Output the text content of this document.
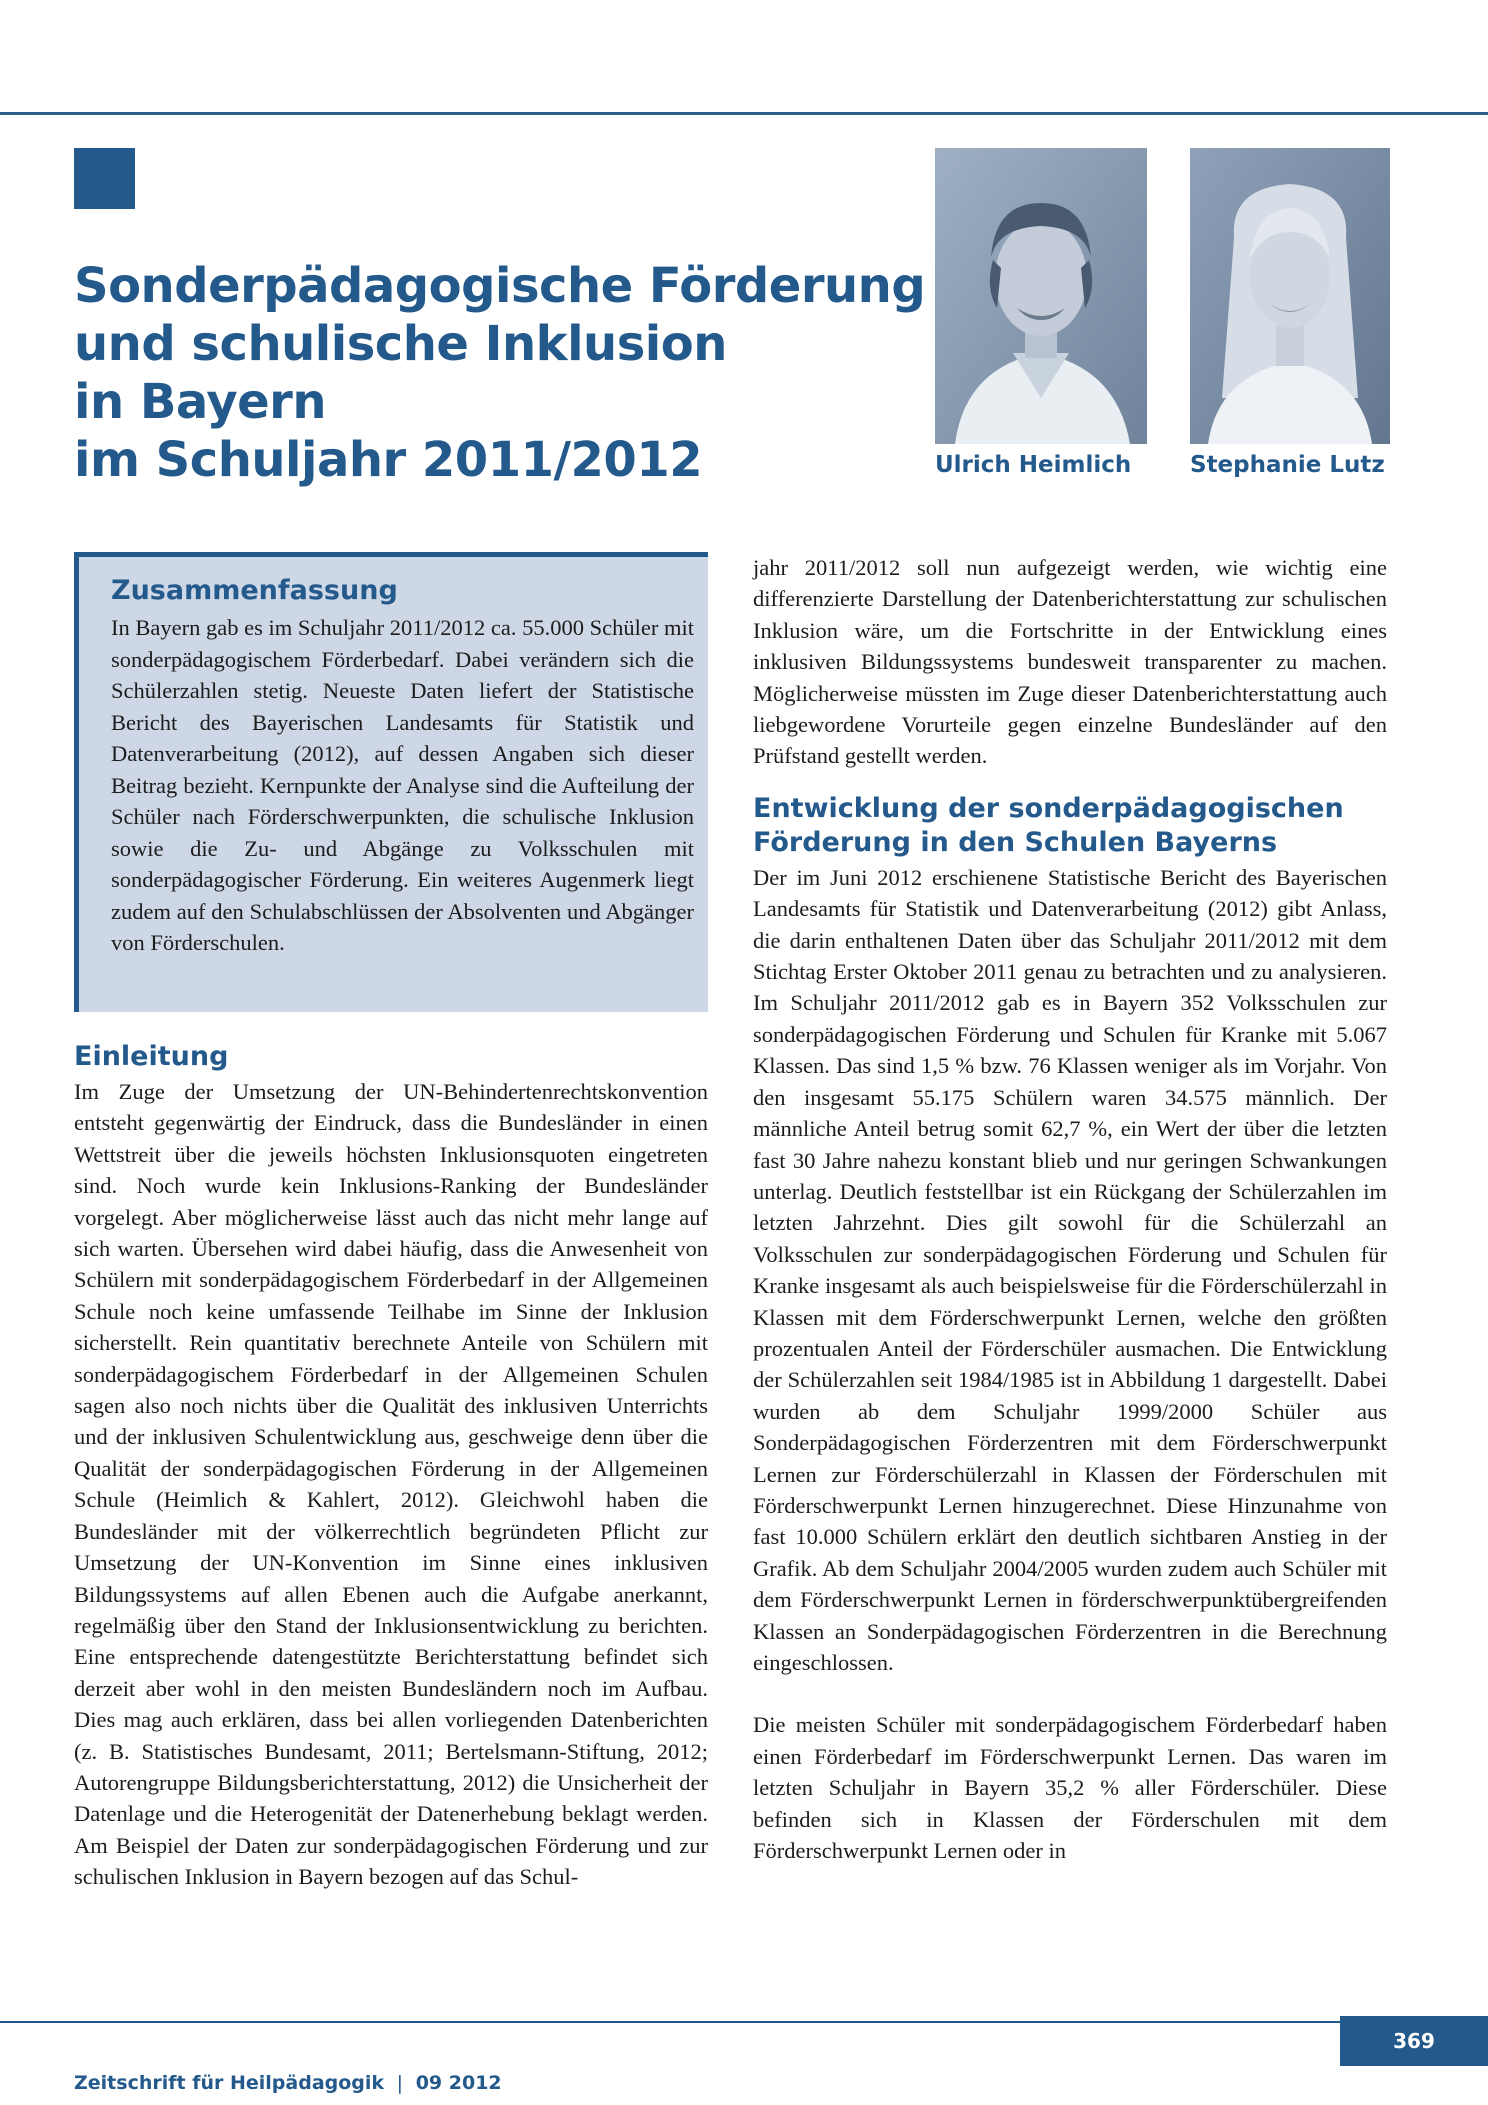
Sonderpädagogische Förderung
und schulische Inklusion
in Bayern
im Schuljahr 2011/2012	Ulrich Heimlich	Stephanie Lutz
Zusammenfassung

In Bayern gab es im Schuljahr 2011/2012 ca. 55.000 Schüler mit sonderpädagogischem Förderbedarf. Dabei verändern sich die Schülerzahlen stetig. Neueste Daten liefert der Statistische Bericht des Bayerischen Landesamts für Statistik und Datenverarbeitung (2012), auf dessen Angaben sich dieser Beitrag bezieht. Kernpunkte der Analyse sind die Aufteilung der Schüler nach Förderschwerpunkten, die schulische Inklusion sowie die Zu- und Abgänge zu Volksschulen mit sonderpädagogischer Förderung. Ein weiteres Augenmerk liegt zudem auf den Schulabschlüssen der Absolventen und Abgänger von Förderschulen.

Einleitung

Im Zuge der Umsetzung der UN-Behindertenrechtskonvention entsteht gegenwärtig der Eindruck, dass die Bundesländer in einen Wettstreit über die jeweils höchsten Inklusionsquoten eingetreten sind. Noch wurde kein Inklusions-Ranking der Bundesländer vorgelegt. Aber möglicherweise lässt auch das nicht mehr lange auf sich warten. Übersehen wird dabei häufig, dass die Anwesenheit von Schülern mit sonderpädagogischem Förderbedarf in der Allgemeinen Schule noch keine umfassende Teilhabe im Sinne der Inklusion sicherstellt. Rein quantitativ berechnete Anteile von Schülern mit sonderpädagogischem Förderbedarf in der Allgemeinen Schulen sagen also noch nichts über die Qualität des inklusiven Unterrichts und der inklusiven Schulentwicklung aus, geschweige denn über die Qualität der sonderpädagogischen Förderung in der Allgemeinen Schule (Heimlich & Kahlert, 2012). Gleichwohl haben die Bundesländer mit der völkerrechtlich begründeten Pflicht zur Umsetzung der UN-Konvention im Sinne eines inklusiven Bildungssystems auf allen Ebenen auch die Aufgabe anerkannt, regelmäßig über den Stand der Inklusionsentwicklung zu berichten. Eine entsprechende datengestützte Berichterstattung befindet sich derzeit aber wohl in den meisten Bundesländern noch im Aufbau. Dies mag auch erklären, dass bei allen vorliegenden Datenberichten (z. B. Statistisches Bundesamt, 2011; Bertelsmann-Stiftung, 2012; Autorengruppe Bildungsberichterstattung, 2012) die Unsicherheit der Datenlage und die Heterogenität der Datenerhebung beklagt werden. Am Beispiel der Daten zur sonderpädagogischen Förderung und zur schulischen Inklusion in Bayern bezogen auf das Schul-

jahr 2011/2012 soll nun aufgezeigt werden, wie wichtig eine differenzierte Darstellung der Datenberichterstattung zur schulischen Inklusion wäre, um die Fortschritte in der Entwicklung eines inklusiven Bildungssystems bundesweit transparenter zu machen. Möglicherweise müssten im Zuge dieser Datenberichterstattung auch liebgewordene Vorurteile gegen einzelne Bundesländer auf den Prüfstand gestellt werden.

Entwicklung der sonderpädagogischen Förderung in den Schulen Bayerns

Der im Juni 2012 erschienene Statistische Bericht des Bayerischen Landesamts für Statistik und Datenverarbeitung (2012) gibt Anlass, die darin enthaltenen Daten über das Schuljahr 2011/2012 mit dem Stichtag Erster Oktober 2011 genau zu betrachten und zu analysieren. Im Schuljahr 2011/2012 gab es in Bayern 352 Volksschulen zur sonderpädagogischen Förderung und Schulen für Kranke mit 5.067 Klassen. Das sind 1,5 % bzw. 76 Klassen weniger als im Vorjahr. Von den insgesamt 55.175 Schülern waren 34.575 männlich. Der männliche Anteil betrug somit 62,7 %, ein Wert der über die letzten fast 30 Jahre nahezu konstant blieb und nur geringen Schwankungen unterlag. Deutlich feststellbar ist ein Rückgang der Schülerzahlen im letzten Jahrzehnt. Dies gilt sowohl für die Schülerzahl an Volksschulen zur sonderpädagogischen Förderung und Schulen für Kranke insgesamt als auch beispielsweise für die Förderschülerzahl in Klassen mit dem Förderschwerpunkt Lernen, welche den größten prozentualen Anteil der Förderschüler ausmachen. Die Entwicklung der Schülerzahlen seit 1984/1985 ist in Abbildung 1 dargestellt. Dabei wurden ab dem Schuljahr 1999/2000 Schüler aus Sonderpädagogischen Förderzentren mit dem Förderschwerpunkt Lernen zur Förderschülerzahl in Klassen der Förderschulen mit Förderschwerpunkt Lernen hinzugerechnet. Diese Hinzunahme von fast 10.000 Schülern erklärt den deutlich sichtbaren Anstieg in der Grafik. Ab dem Schuljahr 2004/2005 wurden zudem auch Schüler mit dem Förderschwerpunkt Lernen in förderschwerpunktübergreifenden Klassen an Sonderpädagogischen Förderzentren in die Berechnung eingeschlossen.

Die meisten Schüler mit sonderpädagogischem Förderbedarf haben einen Förderbedarf im Förderschwerpunkt Lernen. Das waren im letzten Schuljahr in Bayern 35,2 % aller Förderschüler. Diese befinden sich in Klassen der Förderschulen mit dem Förderschwerpunkt Lernen oder in

Zeitschrift für Heilpädagogik | 09 2012
369
